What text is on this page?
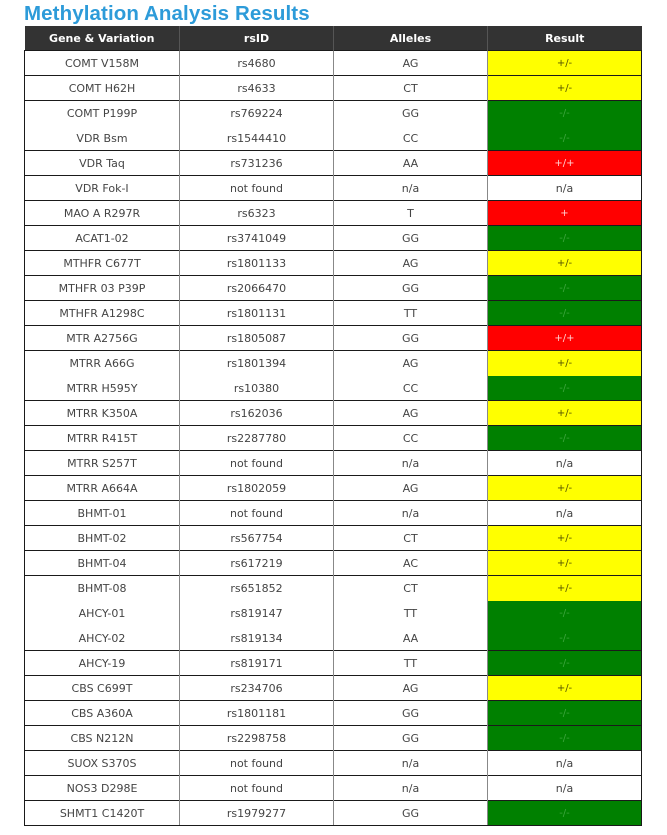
Methylation Analysis Results
Gene & Variation	rsID	Alleles	Result
COMT V158M	rs4680	AG	+/-
COMT H62H	rs4633	CT	+/-
COMT P199P	rs769224	GG	-/-
VDR Bsm	rs1544410	CC	-/-
VDR Taq	rs731236	AA	+/+
VDR Fok-I	not found	n/a	n/a
MAO A R297R	rs6323	T	+
ACAT1-02	rs3741049	GG	-/-
MTHFR C677T	rs1801133	AG	+/-
MTHFR 03 P39P	rs2066470	GG	-/-
MTHFR A1298C	rs1801131	TT	-/-
MTR A2756G	rs1805087	GG	+/+
MTRR A66G	rs1801394	AG	+/-
MTRR H595Y	rs10380	CC	-/-
MTRR K350A	rs162036	AG	+/-
MTRR R415T	rs2287780	CC	-/-
MTRR S257T	not found	n/a	n/a
MTRR A664A	rs1802059	AG	+/-
BHMT-01	not found	n/a	n/a
BHMT-02	rs567754	CT	+/-
BHMT-04	rs617219	AC	+/-
BHMT-08	rs651852	CT	+/-
AHCY-01	rs819147	TT	-/-
AHCY-02	rs819134	AA	-/-
AHCY-19	rs819171	TT	-/-
CBS C699T	rs234706	AG	+/-
CBS A360A	rs1801181	GG	-/-
CBS N212N	rs2298758	GG	-/-
SUOX S370S	not found	n/a	n/a
NOS3 D298E	not found	n/a	n/a
SHMT1 C1420T	rs1979277	GG	-/-
